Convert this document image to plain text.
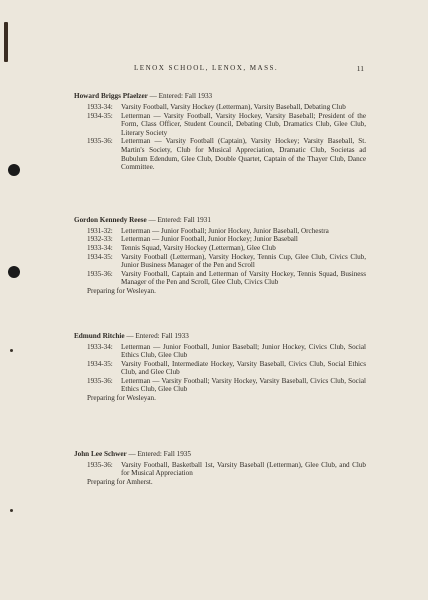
LENOX SCHOOL, LENOX, MASS.	11
Howard Briggs Pfaelzer — Entered: Fall 1933
1933-34:	Varsity Football, Varsity Hockey (Letterman), Varsity Baseball, Debating Club
1934-35:	Letterman — Varsity Football, Varsity Hockey, Varsity Baseball; President of the Form, Class Officer, Student Council, Debating Club, Dramatics Club, Glee Club, Literary Society
1935-36:	Letterman — Varsity Football (Captain), Varsity Hockey; Varsity Baseball, St. Martin's Society, Club for Musical Appreciation, Dramatic Club, Societas ad Bubulum Edendum, Glee Club, Double Quartet, Captain of the Thayer Club, Dance Committee.
Gordon Kennedy Reese — Entered: Fall 1931
1931-32:	Letterman — Junior Football; Junior Hockey, Junior Baseball, Orchestra
1932-33:	Letterman — Junior Football, Junior Hockey; Junior Baseball
1933-34:	Tennis Squad, Varsity Hockey (Letterman), Glee Club
1934-35:	Varsity Football (Letterman), Varsity Hockey, Tennis Cup, Glee Club, Civics Club, Junior Business Manager of the Pen and Scroll
1935-36:	Varsity Football, Captain and Letterman of Varsity Hockey, Tennis Squad, Business Manager of the Pen and Scroll, Glee Club, Civics Club
Preparing for Wesleyan.
Edmund Ritchie — Entered: Fall 1933
1933-34:	Letterman — Junior Football, Junior Baseball; Junior Hockey, Civics Club, Social Ethics Club, Glee Club
1934-35:	Varsity Football, Intermediate Hockey, Varsity Baseball, Civics Club, Social Ethics Club, and Glee Club
1935-36:	Letterman — Varsity Football; Varsity Hockey, Varsity Baseball, Civics Club, Social Ethics Club, Glee Club
Preparing for Wesleyan.
John Lee Schwer — Entered: Fall 1935
1935-36:	Varsity Football, Basketball 1st, Varsity Baseball (Letterman), Glee Club, and Club for Musical Appreciation
Preparing for Amherst.
